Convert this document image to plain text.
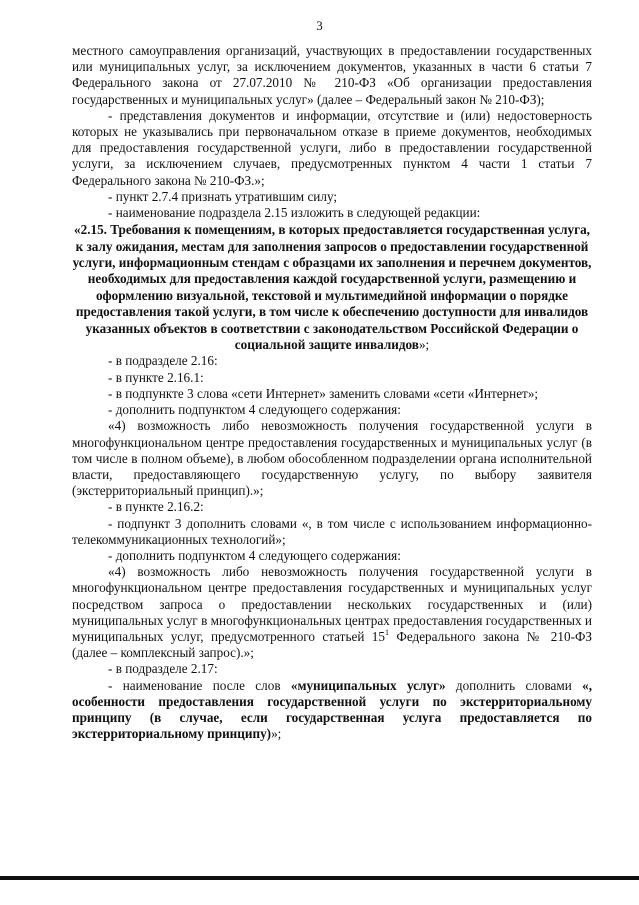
3

местного самоуправления организаций, участвующих в предоставлении государственных или муниципальных услуг, за исключением документов, указанных в части 6 статьи 7 Федерального закона от 27.07.2010 № 210-ФЗ «Об организации предоставления государственных и муниципальных услуг» (далее – Федеральный закон № 210-ФЗ);

- представления документов и информации, отсутствие и (или) недостоверность которых не указывались при первоначальном отказе в приеме документов, необходимых для предоставления государственной услуги, либо в предоставлении государственной услуги, за исключением случаев, предусмотренных пунктом 4 части 1 статьи 7 Федерального закона № 210-ФЗ.»;

- пункт 2.7.4 признать утратившим силу;

- наименование подраздела 2.15 изложить в следующей редакции:

«2.15. Требования к помещениям, в которых предоставляется государственная услуга, к залу ожидания, местам для заполнения запросов о предоставлении государственной услуги, информационным стендам с образцами их заполнения и перечнем документов, необходимых для предоставления каждой государственной услуги, размещению и оформлению визуальной, текстовой и мультимедийной информации о порядке предоставления такой услуги, в том числе к обеспечению доступности для инвалидов указанных объектов в соответствии с законодательством Российской Федерации о социальной защите инвалидов»;

- в подразделе 2.16:

- в пункте 2.16.1:

- в подпункте 3 слова «сети Интернет» заменить словами «сети «Интернет»;

- дополнить подпунктом 4 следующего содержания:

«4) возможность либо невозможность получения государственной услуги в многофункциональном центре предоставления государственных и муниципальных услуг (в том числе в полном объеме), в любом обособленном подразделении органа исполнительной власти, предоставляющего государственную услугу, по выбору заявителя (экстерриториальный принцип).»;

- в пункте 2.16.2:

- подпункт 3 дополнить словами «, в том числе с использованием информационно-телекоммуникационных технологий»;

- дополнить подпунктом 4 следующего содержания:

«4) возможность либо невозможность получения государственной услуги в многофункциональном центре предоставления государственных и муниципальных услуг посредством запроса о предоставлении нескольких государственных и (или) муниципальных услуг в многофункциональных центрах предоставления государственных и муниципальных услуг, предусмотренного статьей $15^1$ Федерального закона № 210-ФЗ (далее – комплексный запрос).»;

- в подразделе 2.17:

- наименование после слов «муниципальных услуг» дополнить словами «, особенности предоставления государственной услуги по экстерриториальному принципу (в случае, если государственная услуга предоставляется по экстерриториальному принципу)»;
